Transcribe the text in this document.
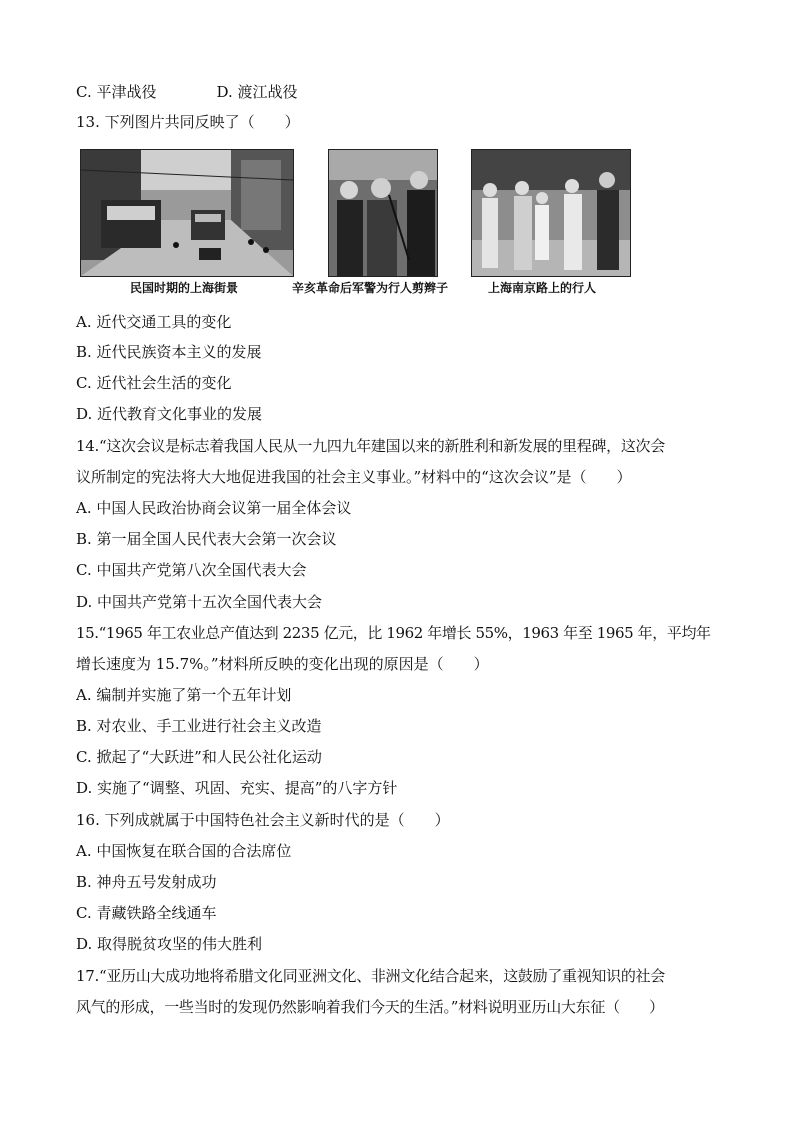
C. 平津战役	D. 渡江战役
13. 下列图片共同反映了（　　）
民国时期的上海街景	辛亥革命后军警为行人剪辫子	上海南京路上的行人
A. 近代交通工具的变化
B. 近代民族资本主义的发展
C. 近代社会生活的变化
D. 近代教育文化事业的发展
14.“这次会议是标志着我国人民从一九四九年建国以来的新胜利和新发展的里程碑，这次会
议所制定的宪法将大大地促进我国的社会主义事业。”材料中的“这次会议”是（　　）
A. 中国人民政治协商会议第一届全体会议
B. 第一届全国人民代表大会第一次会议
C. 中国共产党第八次全国代表大会
D. 中国共产党第十五次全国代表大会
15.“1965 年工农业总产值达到 2235 亿元，比 1962 年增长 55%，1963 年至 1965 年，平均年
增长速度为 15.7%。”材料所反映的变化出现的原因是（　　）
A. 编制并实施了第一个五年计划
B. 对农业、手工业进行社会主义改造
C. 掀起了“大跃进”和人民公社化运动
D. 实施了“调整、巩固、充实、提高”的八字方针
16. 下列成就属于中国特色社会主义新时代的是（　　）
A. 中国恢复在联合国的合法席位
B. 神舟五号发射成功
C. 青藏铁路全线通车
D. 取得脱贫攻坚的伟大胜利
17.“亚历山大成功地将希腊文化同亚洲文化、非洲文化结合起来，这鼓励了重视知识的社会
风气的形成，一些当时的发现仍然影响着我们今天的生活。”材料说明亚历山大东征（　　）
